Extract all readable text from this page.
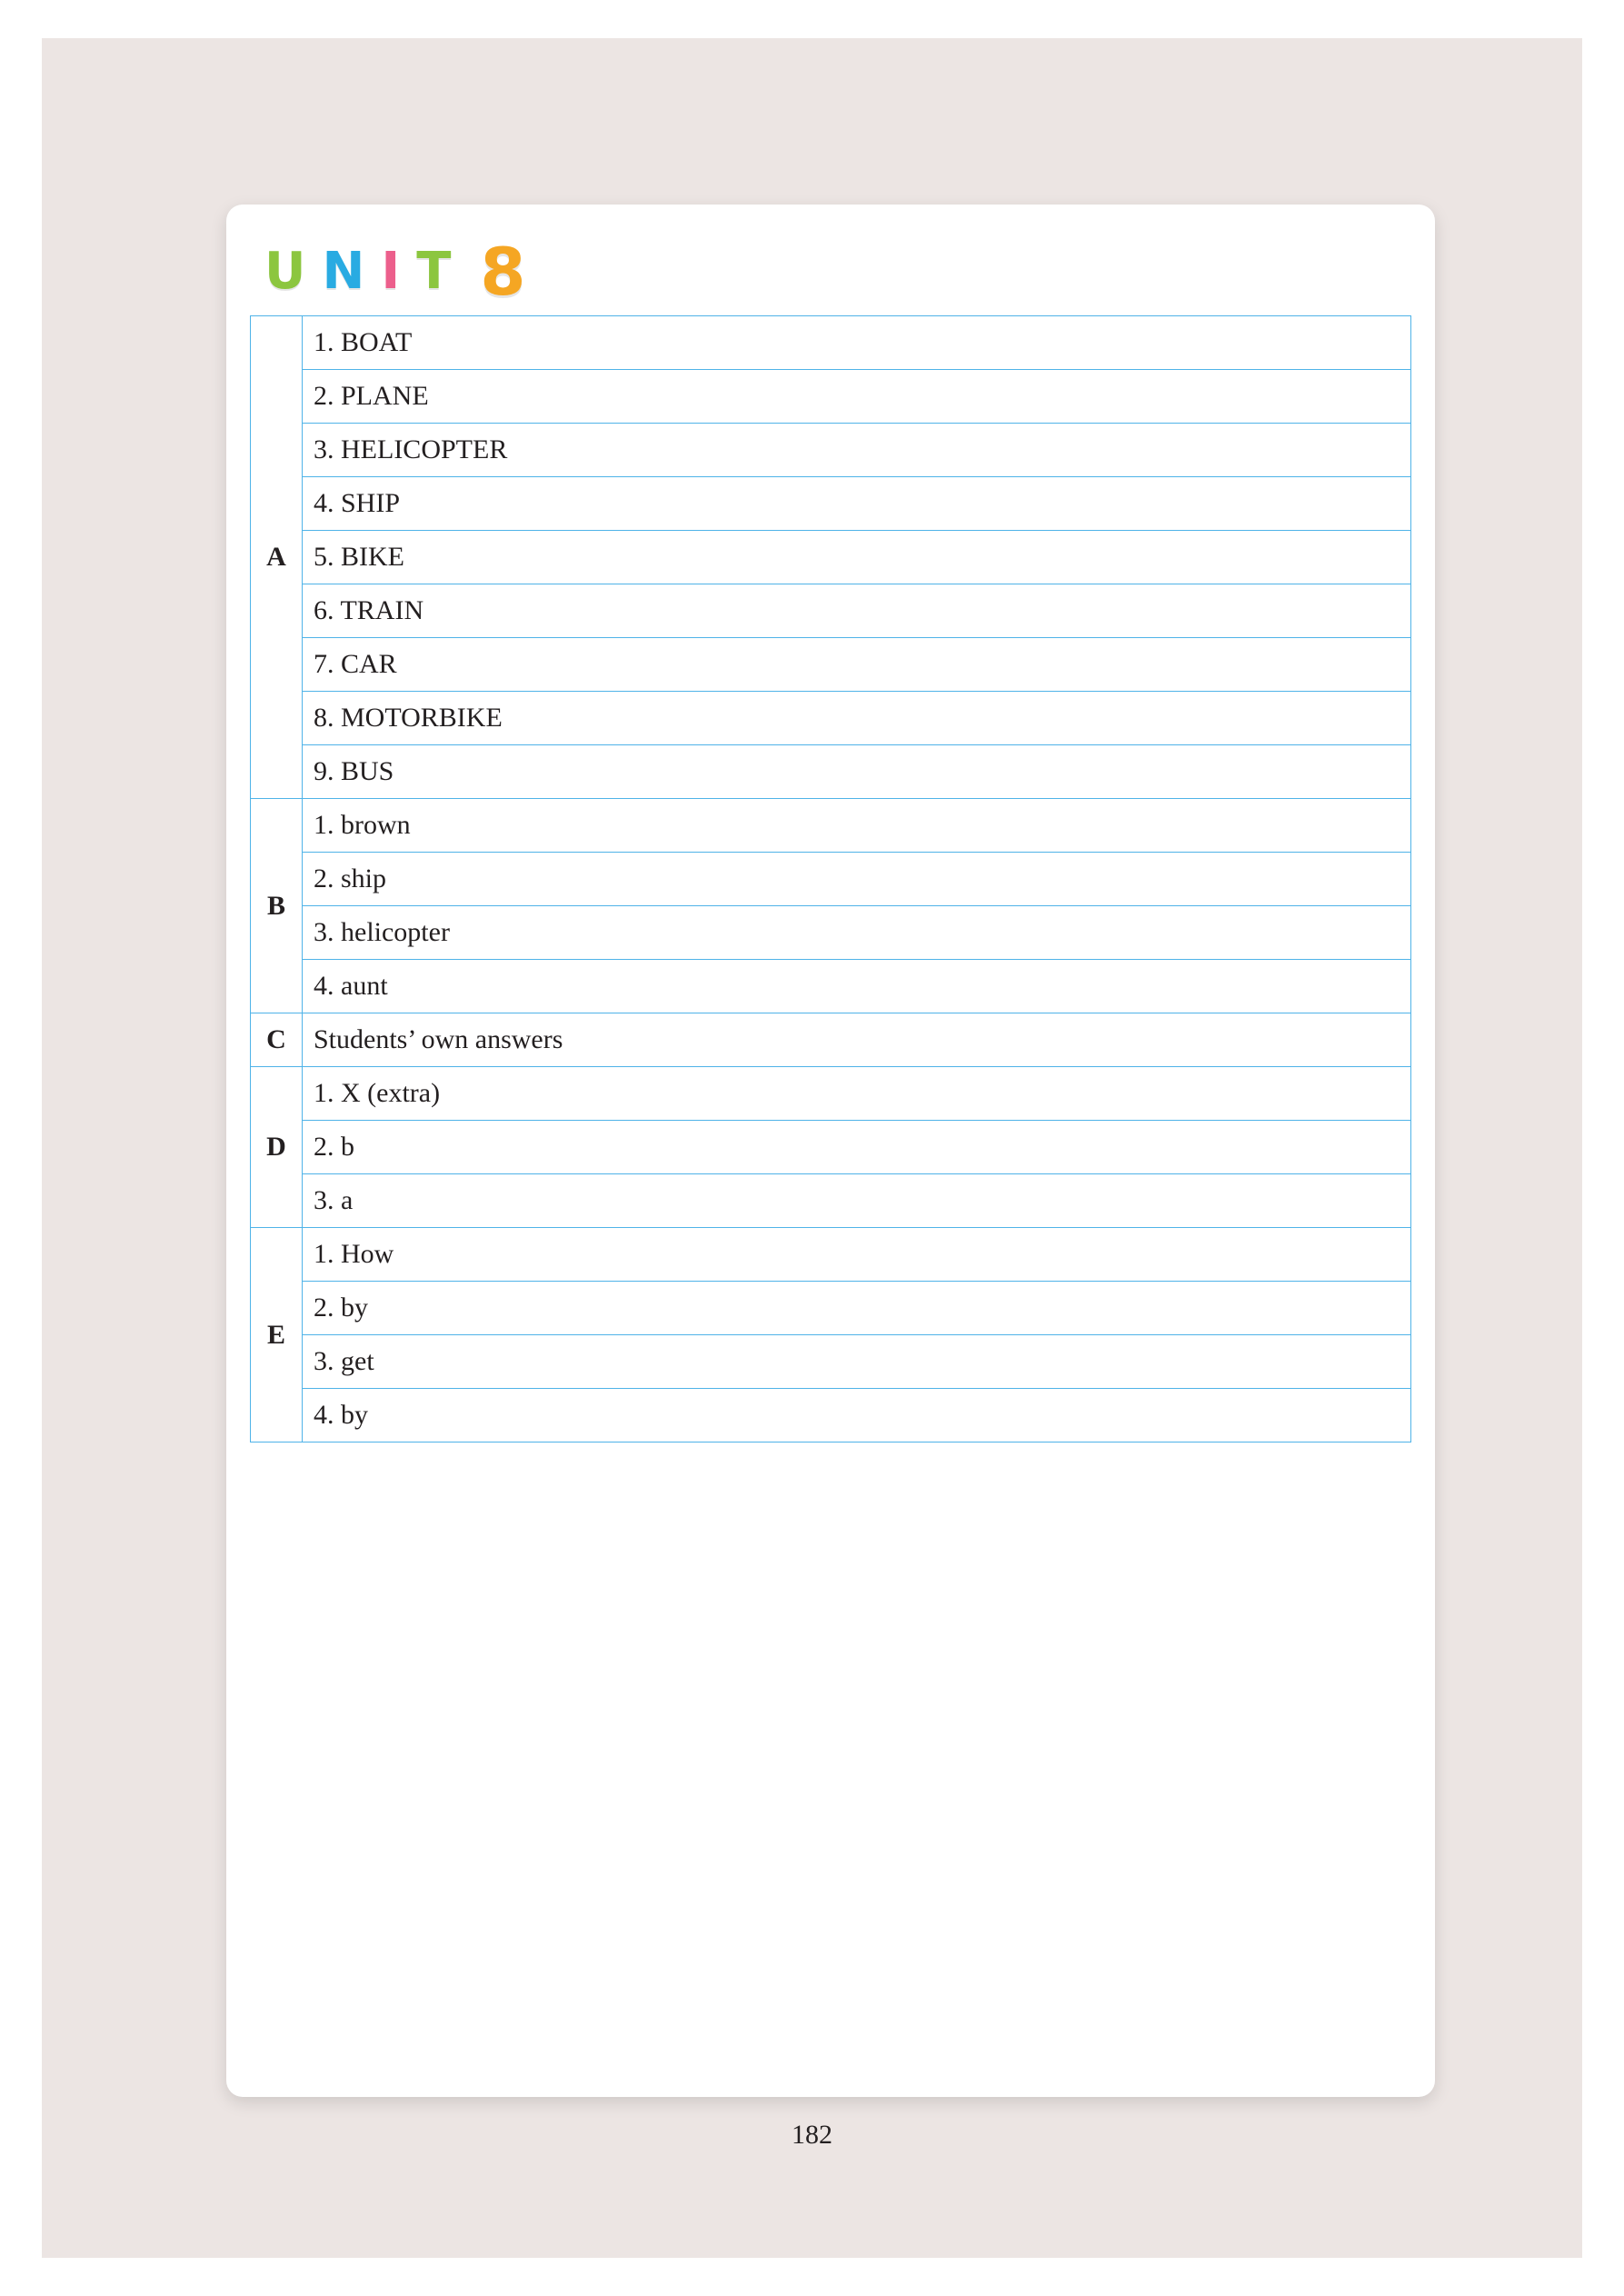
U N I T 8
A	1. BOAT
	2. PLANE
	3. HELICOPTER
	4. SHIP
	5. BIKE
	6. TRAIN
	7. CAR
	8. MOTORBIKE
	9. BUS
B	1. brown
	2. ship
	3. helicopter
	4. aunt
C	Students’ own answers
D	1. X (extra)
	2. b
	3. a
E	1. How
	2. by
	3. get
	4. by
182
